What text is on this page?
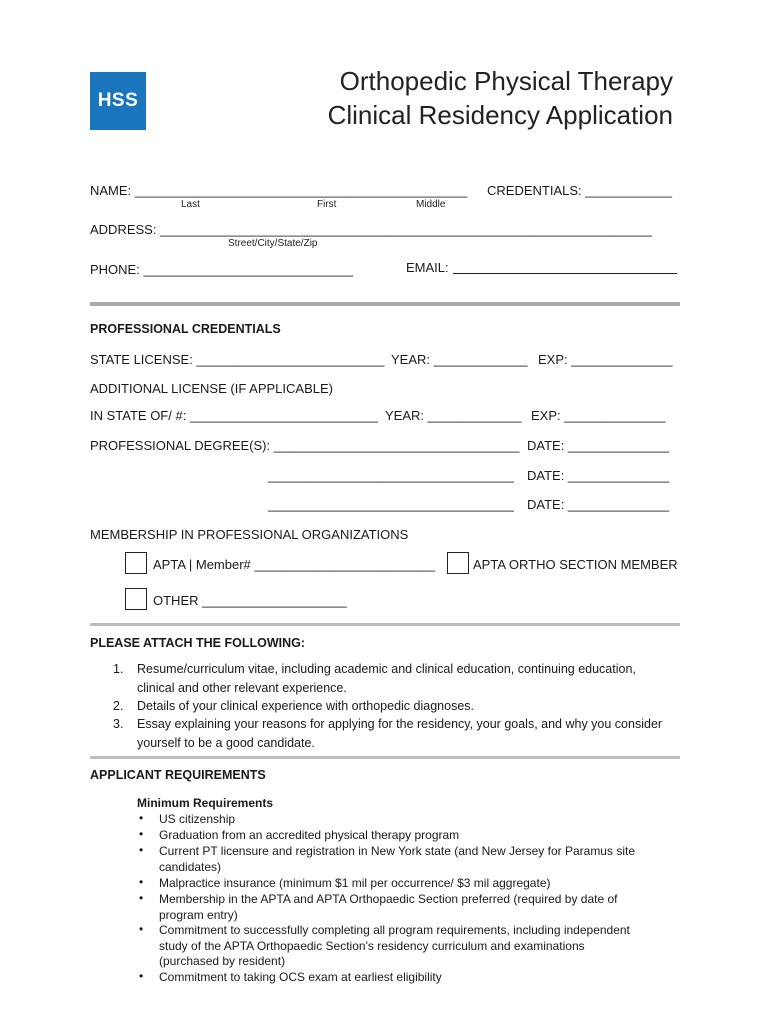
HSS
Orthopedic Physical Therapy
Clinical Residency Application
NAME: ______________________________________________ CREDENTIALS: ____________
Last	First	Middle
ADDRESS: ____________________________________________________________________
Street/City/State/Zip
PHONE: _____________________________	EMAIL:
PROFESSIONAL CREDENTIALS
STATE LICENSE: __________________________ YEAR: _____________ EXP: ______________
ADDITIONAL LICENSE (IF APPLICABLE)
IN STATE OF/ #: __________________________ YEAR: _____________ EXP: ______________
PROFESSIONAL DEGREE(S): __________________________________ DATE: ______________
__________________________________ DATE: ______________
__________________________________ DATE: ______________
MEMBERSHIP IN PROFESSIONAL ORGANIZATIONS
APTA | Member# _________________________	APTA ORTHO SECTION MEMBER
OTHER ____________________
PLEASE ATTACH THE FOLLOWING:
1. Resume/curriculum vitae, including academic and clinical education, continuing education,
clinical and other relevant experience.
2. Details of your clinical experience with orthopedic diagnoses.
3. Essay explaining your reasons for applying for the residency, your goals, and why you consider
yourself to be a good candidate.
APPLICANT REQUIREMENTS
Minimum Requirements
• US citizenship
• Graduation from an accredited physical therapy program
• Current PT licensure and registration in New York state (and New Jersey for Paramus site
candidates)
• Malpractice insurance (minimum $1 mil per occurrence/ $3 mil aggregate)
• Membership in the APTA and APTA Orthopaedic Section preferred (required by date of
program entry)
• Commitment to successfully completing all program requirements, including independent
study of the APTA Orthopaedic Section's residency curriculum and examinations
(purchased by resident)
• Commitment to taking OCS exam at earliest eligibility
